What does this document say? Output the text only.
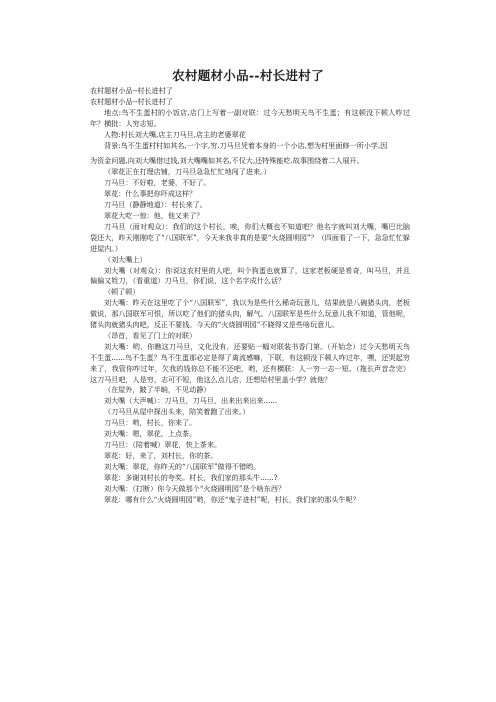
农村题材小品--村长进村了

农村题材小品--村长进村了

农村题材小品--村长进村了

地点:鸟不生蛋村的小饭店,店门上写着一副对联：过今天愁明天鸟不生蛋；有这顿没下顿人咋过年？横批：人穷志短。

人物:村长刘大嘴,店主刀马旦,店主的老婆翠花

背景:鸟不生蛋村村如其名,一个字,穷.刀马旦凭着本身的一个小店,想为村里面修一所小学,因

为资金问题,向刘大嘴借过钱,刘大嘴嘴如其名,不仅大,还特殊能吃.故事围绕着二人展开。

（翠花正在打理店铺，刀马旦急急忙忙地闯了进来。）

刀马旦：不好啦，老婆，不好了。

翠花：什么事把你吓成这样？

刀马旦（静静地道）：村长来了。

翠花大吃一惊：他，他又来了？

刀马旦（面对观众）：我们的这个村长，唉，你们大概也不知道吧？他名字就叫刘大嘴，嘴巴比脑袋还大，昨天刚刚吃了“八国联军”，今天来我非真的是要“火烧圆明园”？（四面看了一下，急急忙忙躲进屋内。）

（刘大嘴上）

刘大嘴（对观众）：你说这农村里的人吧，叫个狗蛋也就算了，这家老板硬是希奇，叫马旦，并且偏偏又姓刀，（看重道）刀马旦，你们说，这个名字成什么话？

（顿了顿）

刘大嘴：昨天在这里吃了个“八国联军”，我以为是些什么稀奇玩意儿，结果就是八碗猪头肉，老板做说，那八国联军可恨，所以吃了他们的猪头肉，解气。八国联军是些什么玩意儿我不知道，管他呢，猪头肉就猪头肉吧，反正不要钱。今天的“火烧圆明园”不晓得又是些啥玩意儿。

（昂首，看见了门上的对联）

刘大嘴：哟，你瞧这刀马旦，文化没有，还要贴一幅对联装书香门第。（开始念）过今天愁明天鸟不生蛋......鸟不生蛋？鸟不生蛋那必定是得了禽流感嘛，下联，有这顿没下顿人咋过年，嘿，还哭起穷来了，我管你咋过年，欠我的钱你总不能不还吧，哟，还有横联：人一穷一志一短。（拖长声音念完）这刀马旦吧，人是穷，志可不短，他这么点儿店，还想给村里盖小学？就他？

（在屋外，跛了半晌，不见动静）

刘大嘴（大声喊）：刀马旦，刀马旦，出来出来出来......

（刀马旦从屋中探出头来，陪笑着跑了出来。）

刀马旦：哟，村长，你来了。

刘大嘴：嗯，翠花，上点茶。

刀马旦：（陪着喊）翠花，快上茶来。

翠花：好，来了，刘村长，你的茶。

刘大嘴：翠花，你昨天的“八国联军”做得不错哟。

翠花：多谢刘村长的夸奖。村长，我们家的那头牛......?

刘大嘴：（打断）你今天做那个“火烧圆明园”是个啥东西？

翠花：哪有什么“火烧圆明园”哟，你还“鬼子进村”呢，村长，我们家的那头牛呢？
